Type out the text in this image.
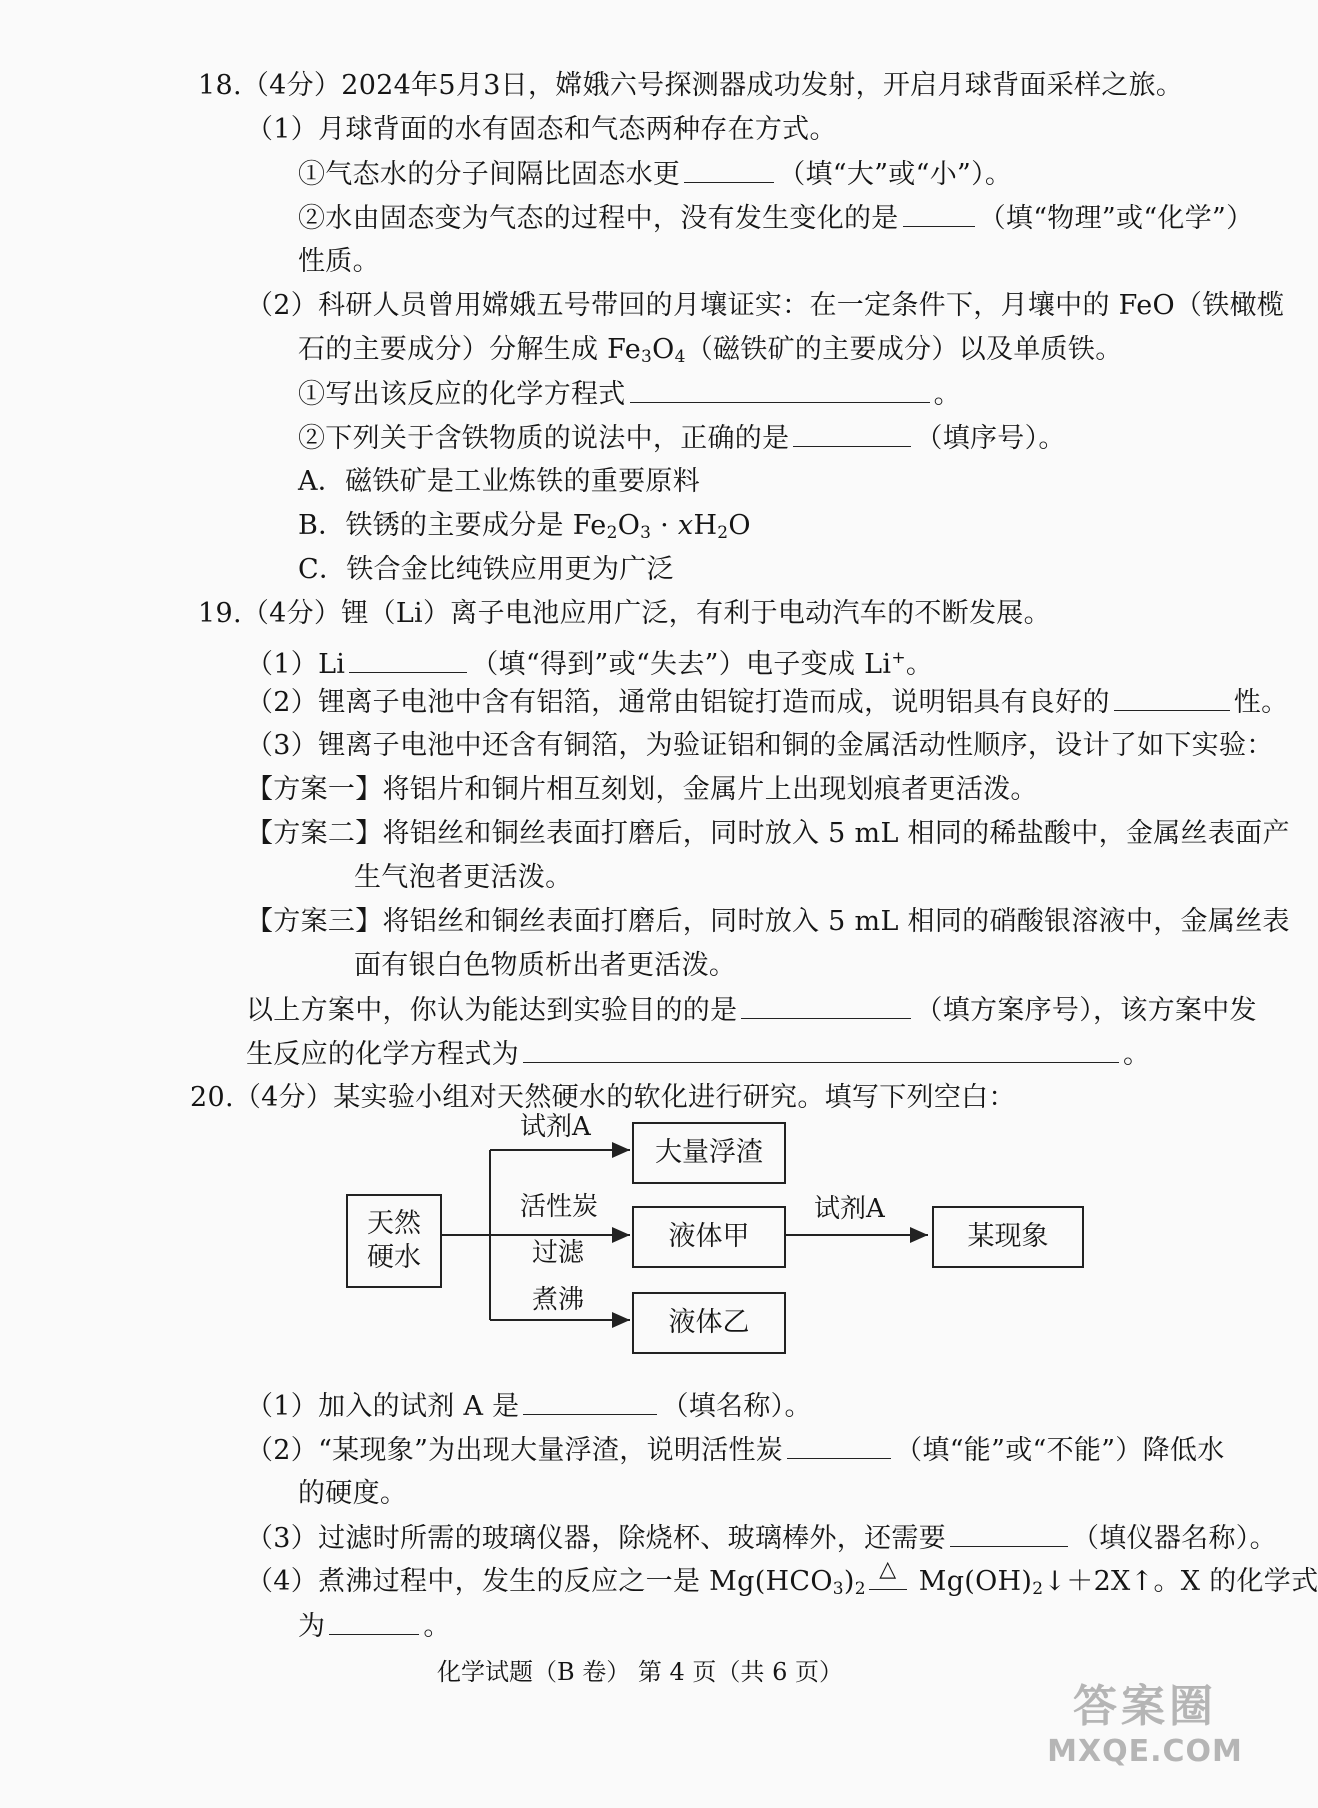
18.（4分）2024年5月3日，嫦娥六号探测器成功发射，开启月球背面采样之旅。
（1）月球背面的水有固态和气态两种存在方式。
①气态水的分子间隔比固态水更	（填“大”或“小”）。
②水由固态变为气态的过程中，没有发生变化的是	（填“物理”或“化学”）
性质。
（2）科研人员曾用嫦娥五号带回的月壤证实：在一定条件下，月壤中的 FeO（铁橄榄
石的主要成分）分解生成 $Fe_3O_4$（磁铁矿的主要成分）以及单质铁。
①写出该反应的化学方程式	。
②下列关于含铁物质的说法中，正确的是	（填序号）。
A．磁铁矿是工业炼铁的重要原料
B．铁锈的主要成分是 $Fe_2O_3 \cdot xH_2O$
C．铁合金比纯铁应用更为广泛
19.（4分）锂（Li）离子电池应用广泛，有利于电动汽车的不断发展。
（1）Li	（填“得到”或“失去”）电子变成 Li+。
（2）锂离子电池中含有铝箔，通常由铝锭打造而成，说明铝具有良好的	性。
（3）锂离子电池中还含有铜箔，为验证铝和铜的金属活动性顺序，设计了如下实验：
【方案一】将铝片和铜片相互刻划，金属片上出现划痕者更活泼。
【方案二】将铝丝和铜丝表面打磨后，同时放入 5 mL 相同的稀盐酸中，金属丝表面产
生气泡者更活泼。
【方案三】将铝丝和铜丝表面打磨后，同时放入 5 mL 相同的硝酸银溶液中，金属丝表
面有银白色物质析出者更活泼。
以上方案中，你认为能达到实验目的的是	（填方案序号），该方案中发
生反应的化学方程式为	。
20.（4分）某实验小组对天然硬水的软化进行研究。填写下列空白：
天然
硬水
试剂A
活性炭
过滤
煮沸
大量浮渣
液体甲
液体乙
试剂A
某现象
（1）加入的试剂 A 是	（填名称）。
（2）“某现象”为出现大量浮渣，说明活性炭	（填“能”或“不能”）降低水
的硬度。
（3）过滤时所需的玻璃仪器，除烧杯、玻璃棒外，还需要	（填仪器名称）。
（4）煮沸过程中，发生的反应之一是 $Mg(HCO_3)_2$
△ $Mg(OH)_2↓+2X↑$。X 的化学式
为	。
化学试题（B 卷） 第 4 页（共 6 页）
答案圈
MXQE.COM
